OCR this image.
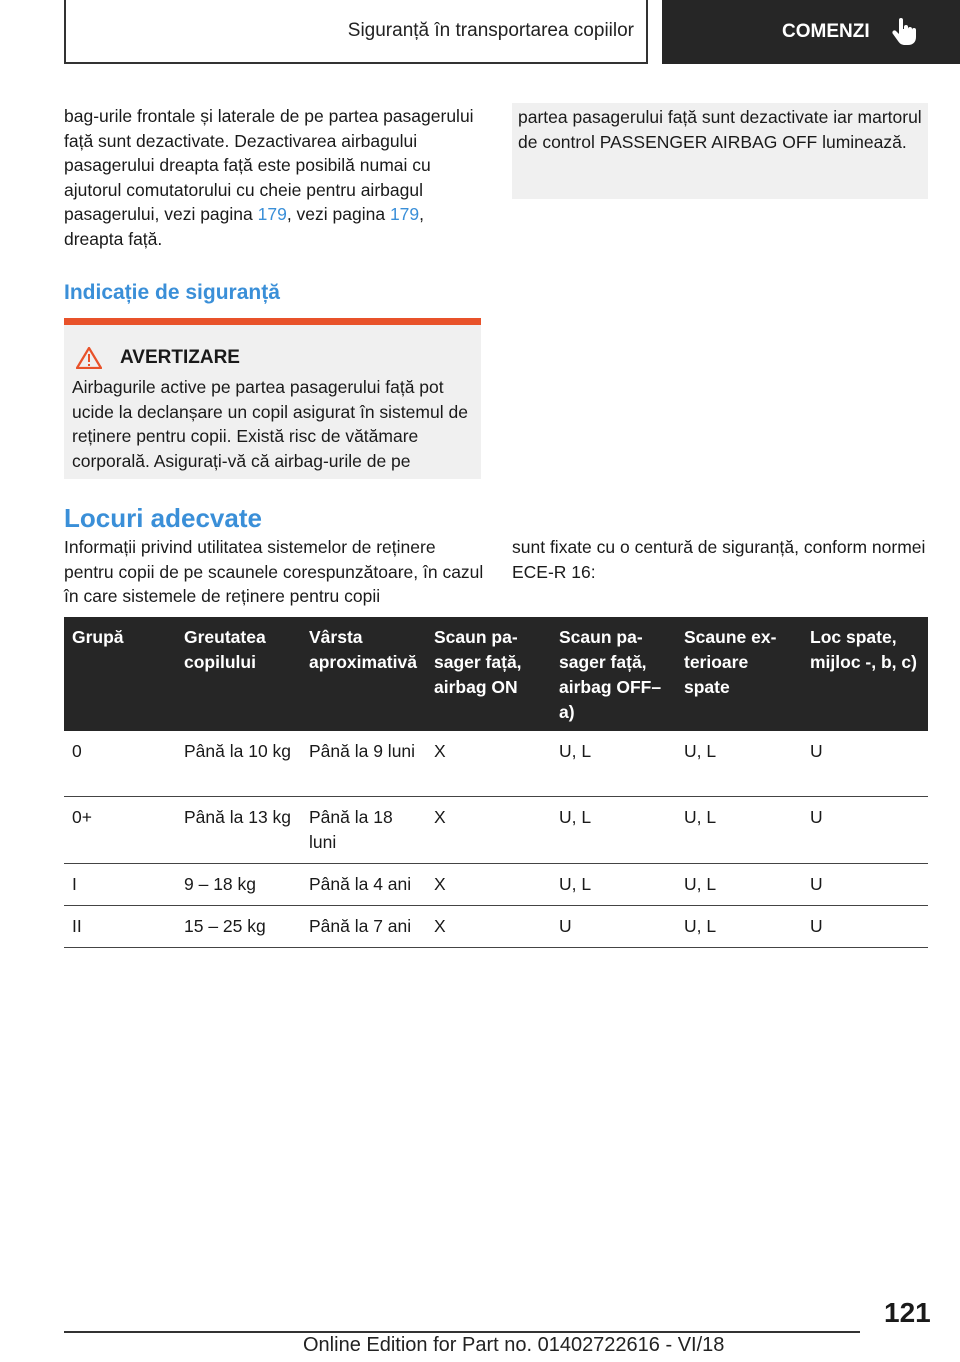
Siguranță în transportarea copiilor	COMENZI

bag-urile frontale și laterale de pe partea pasagerului față sunt dezactivate. Dezactivarea airbagului pasagerului dreapta față este posibilă numai cu ajutorul comutatorului cu cheie pentru airbagul pasagerului, vezi pagina 179, vezi pagina 179, dreapta față.

partea pasagerului față sunt dezactivate iar martorul de control PASSENGER AIRBAG OFF luminează.

Indicație de siguranță
AVERTIZARE

Airbagurile active pe partea pasagerului față pot ucide la declanșare un copil asigurat în sistemul de reținere pentru copii. Există risc de vătămare corporală. Asigurați-vă că airbag-urile de pe

Locuri adecvate

Informații privind utilitatea sistemelor de reținere pentru copii de pe scaunele corespunzătoare, în cazul în care sistemele de reținere pentru copii

sunt fixate cu o centură de siguranță, conform normei ECE-R 16:

Grupă	Greutatea copilului	Vârsta aproximativă	Scaun pasager față, airbag ON	Scaun pasager față, airbag OFF– a)	Scaune exterioare spate	Loc spate, mijloc -, b, c)
0	Până la 10 kg	Până la 9 luni	X	U, L	U, L	U
0+	Până la 13 kg	Până la 18 luni	X	U, L	U, L	U
I	9 – 18 kg	Până la 4 ani	X	U, L	U, L	U
II	15 – 25 kg	Până la 7 ani	X	U	U, L	U
121
Online Edition for Part no. 01402722616 - VI/18
